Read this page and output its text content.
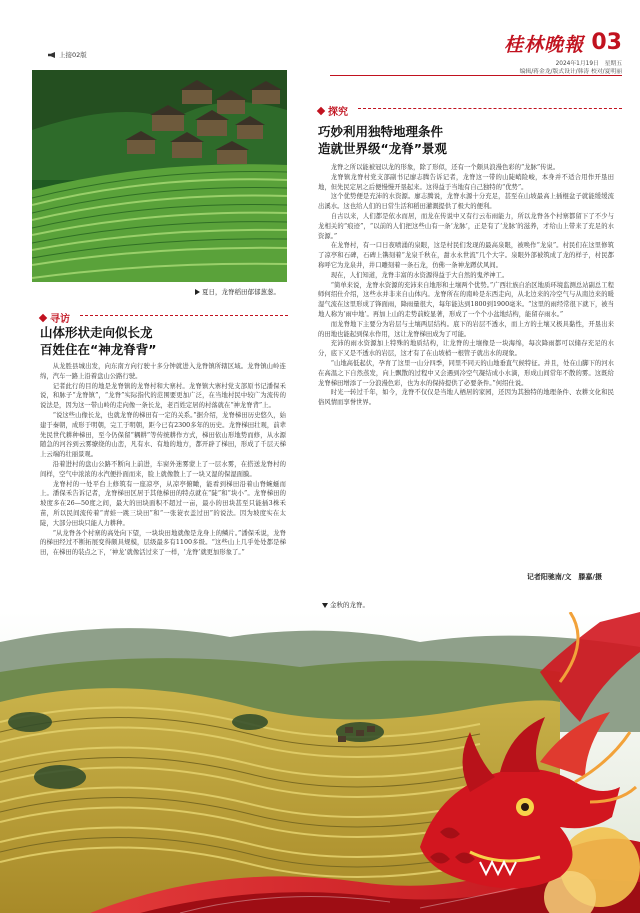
上接02版	桂林晚報 03
2024年1月19日　星期五
编辑/蒋金龙/版式设计/韩涛 校对/夏明丽
夏日，龙脊稻田郁郁葱葱。
寻访
山体形状走向似长龙
百姓住在“神龙脊背”

从龙胜县城出发，向东南方向行驶十多分钟就进入龙脊镇所辖区域。龙脊镇山岭连绵，汽车一路上沿着盘山公路行驶。

记者此行的目的地是龙脊镇的龙脊村和大寨村。龙脊镇大寨村党支部原书记潘保禾说，和脉子“龙脊镇”，“龙脊”实际指代的范围要更加广泛，在当地村民中较广为流传的说法是，因为这一带山岭的走向像一条长龙，老百姓定居的村落就在“神龙脊背”上。

“说这些山像长龙，也就龙脊的梯田有一定的关系。”据介绍，龙脊梯田历史悠久，始建于秦朝，成形于明朝，完工于明朝，距今已有2300多年的历史。龙脊梯田壮观，前辈先民世代耕种梯田，至今仍保留“耦耕”等传统耕作方式，梯田依山形地势而修，从水源随急的河谷到云雾缭绕的山峦，凡有水、有地的地方，都开辟了梯田，形成了千层天梯上云端的壮丽景观。

沿着进村的盘山公路不断向上前进，车窗外迷雾蒙上了一层水雾，在搭送龙脊村的间样，空气中浓浓的水汽便扑面而来，脸上就像散上了一块又湿的保湿面膜。

龙脊村的一处平台上修筑有一座凉亭，从凉亭俯瞰，能看到梯田沿着山脊蜿蜒而上。潘保禾告诉记者，龙脊梯田区居于其他梯田的特点就在“陡”和“块小”。龙脊梯田的坡度多在26—50度之间，最大的田块面积不超过一亩，最小的田块甚至只能插3株禾苗，所以民间流传着“青蛙一跳三块田”和“一张蓑衣盖过田”的说法。因为坡度实在太陡，大部分田块只能人力耕种。

“从龙脊各个村寨的高处向下望，一块块田地就像是龙身上的鳞片。”潘保禾说，龙脊的梯田经过不断拓展变得颇具规模，层级最多有1100多级。“这些山上几乎处处都是梯田，在梯田的装点之下，‘神龙’就像活过来了一样，‘龙脊’就更加形象了。”

探究
巧妙利用独特地理条件
造就世界级“龙脊”景观

龙脊之所以能被冠以龙的形象，除了形似，还有一个颇具浪漫色彩的“龙脉”传说。

龙脊镇龙脊村党支部副书记廖志腾告诉记者，龙脊这一带的山陡峭险峻，本身并不适合用作开垦田地，但先民定居之后便慢慢开垦起来。这得益于当地有自己独特的“优势”。

这个优势便是充沛的水资源。廖志腾说，龙脊水源十分充足，甚至在山坡最高上插棍盆子就能缓缓流出溪水。这也给人们的日常生活和稻田灌溉提供了极大的便利。

自古以来，人们都是依水而居，而龙在传说中又有行云布雨能力，所以龙脊各个村寨都留下了不少与龙相关的“痕迹”，“以前的人们把这些山有一条‘龙脉’，正是有了‘龙脉’的滋养，才给山上带来了充足的水资源。”

在龙脊村，有一口日夜喷涌的泉眼，这是村民们发现的最高泉眼，被唤作“龙泉”。村民们在这里修筑了凉亭和石碑，石碑上镌刻着“龙泉千秋在，甜水永世流”几个大字。泉眼外部被筑成了龙的样子，村民都称呼它为龙泉井，井口雕刻着一条石龙，仿佛一条神龙蹲伏风间。

现在，人们知道，龙脊丰富的水资源得益于大自然的鬼斧神工。

“简单来说，龙脊水资源的充沛来自地形和土壤两个优势。”广西壮族自治区地质环境监测总站副总工程师何绍仕介绍，这些水并非来自山体内。龙脊所在的南岭是东西走向，从北边来的冷空气与从南边来的暖湿气流在这里形成了锋面雨，降雨量很大，每年能达到1800到1900毫米。“这里的雨经常很下就下，被当地人称为‘雨中地’。再加上山的走势前蛟显著，形成了一个个小盆地结构，能留存雨水。”

而龙脊地下主要分为岩层与土壤两层结构。底下的岩层不透水，而上方的土壤又极具黏性，开垦出来的田地也能起到保水作用，这让龙脊梯田成为了可能。

充沛的雨水资源加上特殊的地质结构，让龙脊的土壤像是一块海绵，每次降雨都可以储存充足的水分，底下又是不透水的岩层，这才有了在山坡梢一根管子就出水的现象。

“山地高低起伏，孕育了这里一山分四季，同里不同天的山地垂直气候特征。并且，处在山脚下的河水在高温之下自然蒸发，向上飘散的过程中又会遇到冷空气凝结成小水滴，形成山间常年不散的雾。这既给龙脊梯田增添了一分浪漫色彩，也为水的保持提供了必要条件。”何绍仕说。

时光一转过千年，如今，龙脊不仅仅是当地人栖居的家园，还因为其独特的地理条件、农耕文化和民俗风情而享誉世界。

记者阳驰南/文　滕嘉/摄
金秋的龙脊。
